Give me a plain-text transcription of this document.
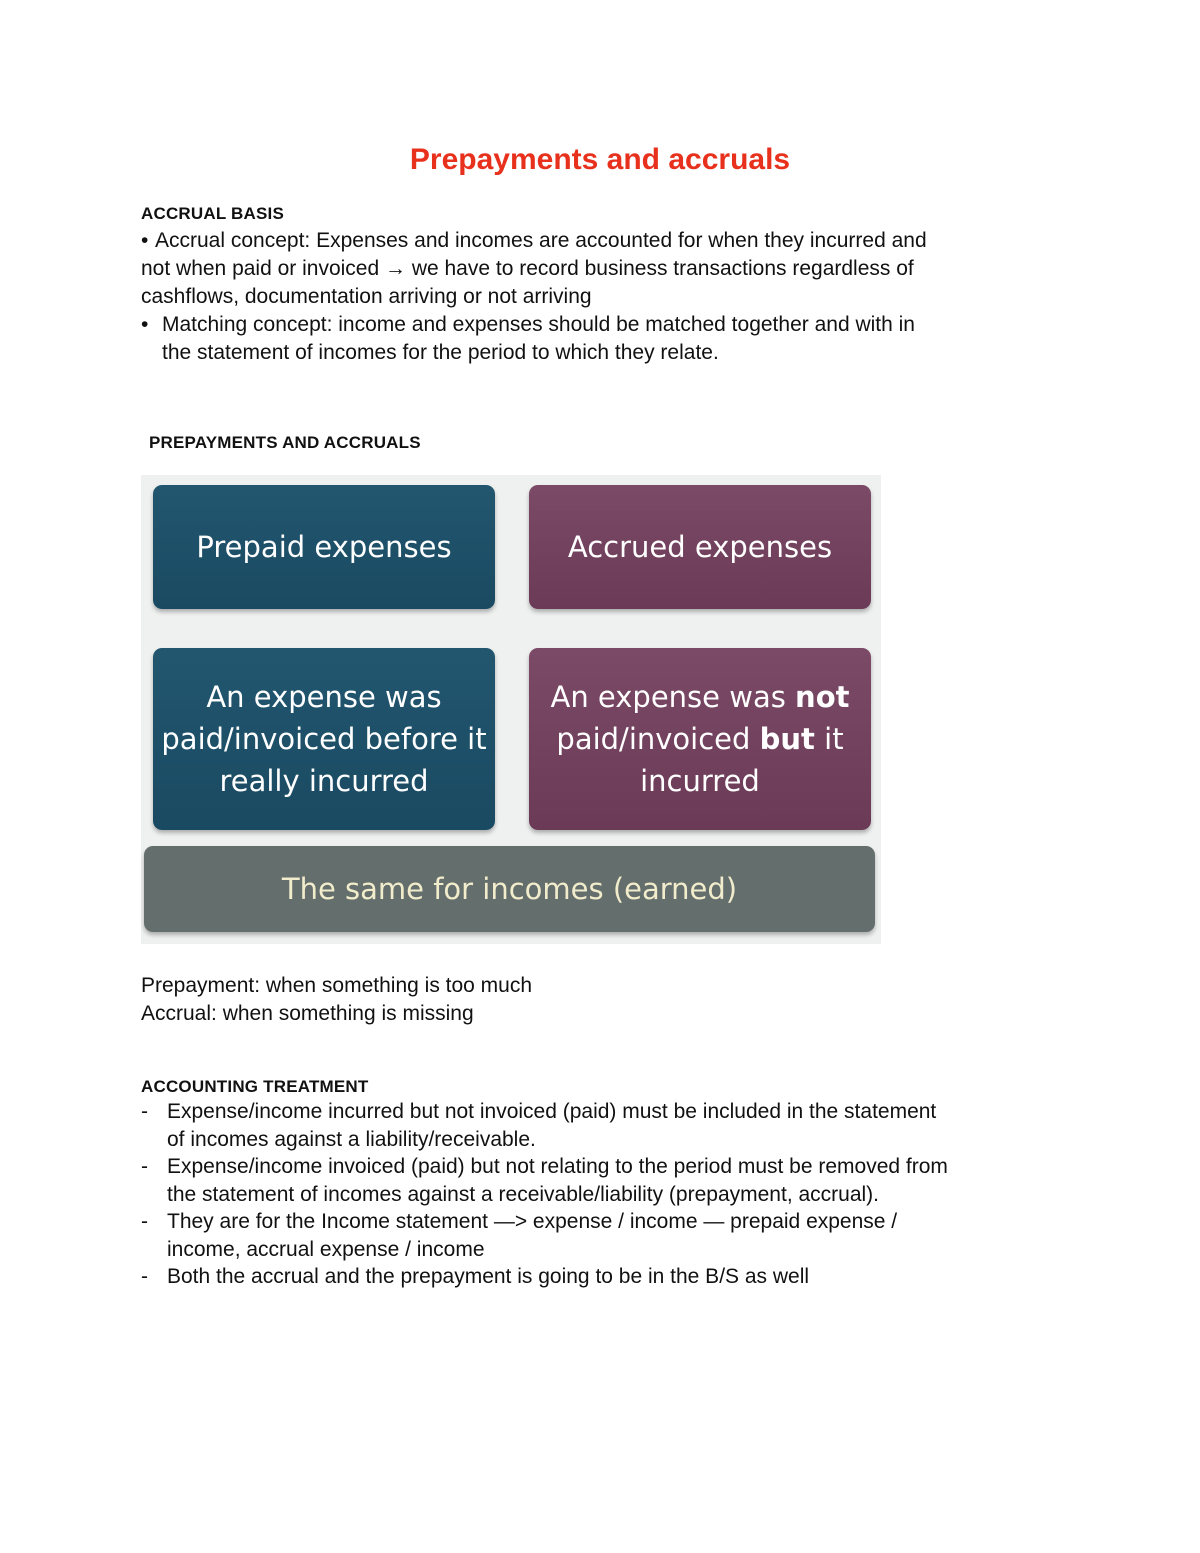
Prepayments and accruals
ACCRUAL BASIS
• Accrual concept: Expenses and incomes are accounted for when they incurred and
not when paid or invoiced → we have to record business transactions regardless of
cashflows, documentation arriving or not arriving
• Matching concept: income and expenses should be matched together and with in
the statement of incomes for the period to which they relate.
PREPAYMENTS AND ACCRUALS
Prepaid expenses	Accrued expenses
An expense was
paid/invoiced before it
really incurred
An expense was not
paid/invoiced but it
incurred
The same for incomes (earned)
Prepayment: when something is too much
Accrual: when something is missing
ACCOUNTING TREATMENT
- Expense/income incurred but not invoiced (paid) must be included in the statement
of incomes against a liability/receivable.
- Expense/income invoiced (paid) but not relating to the period must be removed from
the statement of incomes against a receivable/liability (prepayment, accrual).
- They are for the Income statement —> expense / income — prepaid expense /
income, accrual expense / income
- Both the accrual and the prepayment is going to be in the B/S as well
